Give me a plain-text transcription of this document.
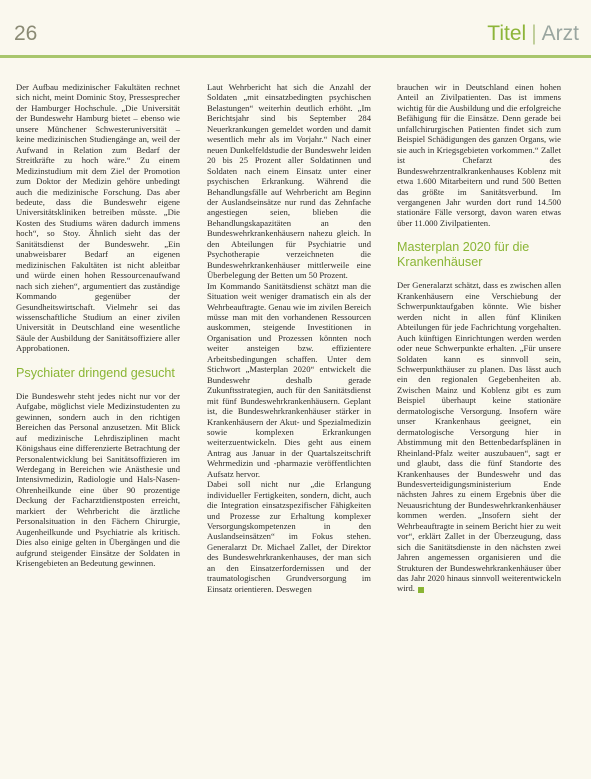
26	Titel | Arzt

Der Aufbau medizinischer Fakultäten rechnet sich nicht, meint Dominic Stoy, Pressesprecher der Hamburger Hochschule. „Die Universität der Bundeswehr Hamburg bietet – ebenso wie unsere Münchener Schwesteruniversität – keine medizinischen Studiengänge an, weil der Aufwand in Relation zum Bedarf der Streitkräfte zu hoch wäre.“ Zu einem Medizinstudium mit dem Ziel der Promotion zum Doktor der Medizin gehöre unbedingt auch die medizinische Forschung. Das aber bedeute, dass die Bundeswehr eigene Universitätskliniken betreiben müsste. „Die Kosten des Studiums wären dadurch immens hoch“, so Stoy. Ähnlich sieht das der Sanitätsdienst der Bundeswehr. „Ein unabweisbarer Bedarf an eigenen medizinischen Fakultäten ist nicht ableitbar und würde einen hohen Ressourcenaufwand nach sich ziehen“, argumentiert das zuständige Kommando gegenüber der Gesundheitswirtschaft. Vielmehr sei das wissenschaftliche Studium an einer zivilen Universität in Deutschland eine wesentliche Säule der Ausbildung der Sanitätsoffiziere aller Approbationen.

Psychiater dringend gesucht

Die Bundeswehr steht jedes nicht nur vor der Aufgabe, möglichst viele Medizinstudenten zu gewinnen, sondern auch in den richtigen Bereichen das Personal anzusetzen. Mit Blick auf medizinische Lehrdisziplinen macht Königshaus eine differenzierte Betrachtung der Personalentwicklung bei Sanitätsoffizieren im Werdegang in Bereichen wie Anästhesie und Intensivmedizin, Radiologie und Hals-Nasen-Ohrenheilkunde eine über 90 prozentige Deckung der Facharztdienstposten erreicht, markiert der Wehrbericht die ärztliche Personalsituation in den Fächern Chirurgie, Augenheilkunde und Psychiatrie als kritisch. Dies also einige gelten in Übergängen und die aufgrund steigender Einsätze der Soldaten in Krisengebieten an Bedeutung gewinnen.

Laut Wehrbericht hat sich die Anzahl der Soldaten „mit einsatzbedingten psychischen Belastungen“ weiterhin deutlich erhöht. „Im Berichtsjahr sind bis September 284 Neuerkrankungen gemeldet worden und damit wesentlich mehr als im Vorjahr.“ Nach einer neuen Dunkelfeldstudie der Bundeswehr leiden 20 bis 25 Prozent aller Soldatinnen und Soldaten nach einem Einsatz unter einer psychischen Erkrankung. Während die Behandlungsfälle auf Wehrbericht am Beginn der Auslandseinsätze nur rund das Zehnfache angestiegen seien, blieben die Behandlungskapazitäten an den Bundeswehrkrankenhäusern nahezu gleich. In den Abteilungen für Psychiatrie und Psychotherapie verzeichneten die Bundeswehrkrankenhäuser mittlerweile eine Überbelegung der Betten um 50 Prozent.

Im Kommando Sanitätsdienst schätzt man die Situation weit weniger dramatisch ein als der Wehrbeauftragte. Genau wie im zivilen Bereich müsse man mit den vorhandenen Ressourcen auskommen, steigende Investitionen in Organisation und Prozessen könnten noch weiter ansteigen bzw. effizientere Arbeitsbedingungen schaffen. Unter dem Stichwort „Masterplan 2020“ entwickelt die Bundeswehr deshalb gerade Zukunftsstrategien, auch für den Sanitätsdienst mit fünf Bundeswehrkrankenhäusern. Geplant ist, die Bundeswehrkrankenhäuser stärker in Krankenhäusern der Akut- und Spezialmedizin sowie komplexen Erkrankungen weiterzuentwickeln. Dies geht aus einem Antrag aus Januar in der Quartalszeitschrift Wehrmedizin und -pharmazie veröffentlichten Aufsatz hervor.

Dabei soll nicht nur „die Erlangung individueller Fertigkeiten, sondern, dicht, auch die Integration einsatzspezifischer Fähigkeiten und Prozesse zur Erhaltung komplexer Versorgungskompetenzen in den Auslandseinsätzen“ im Fokus stehen. Generalarzt Dr. Michael Zallet, der Direktor des Bundeswehrkrankenhauses, der man sich an den Einsatzerfordernissen und der traumatologischen Grundversorgung im Einsatz orientieren. Deswegen

brauchen wir in Deutschland einen hohen Anteil an Zivilpatienten. Das ist immens wichtig für die Ausbildung und die erfolgreiche Befähigung für die Einsätze. Denn gerade bei unfallchirurgischen Patienten findet sich zum Beispiel Schädigungen des ganzen Organs, wie sie auch in Kriegsgebieten vorkommen.“ Zallet ist Chefarzt des Bundeswehrzentralkrankenhauses Koblenz mit etwa 1.600 Mitarbeitern und rund 500 Betten das größte im Sanitätsverbund. Im vergangenen Jahr wurden dort rund 14.500 stationäre Fälle versorgt, davon waren etwas über 11.000 Zivilpatienten.

Masterplan 2020 für die Krankenhäuser

Der Generalarzt schätzt, dass es zwischen allen Krankenhäusern eine Verschiebung der Schwerpunktaufgaben könnte. Wie bisher werden nicht in allen fünf Kliniken Abteilungen für jede Fachrichtung vorgehalten. Auch künftigen Einrichtungen werden werden oder neue Schwerpunkte erhalten. „Für unsere Soldaten kann es sinnvoll sein, Schwerpunkthäuser zu planen. Das lässt auch ein den regionalen Gegebenheiten ab. Zwischen Mainz und Koblenz gibt es zum Beispiel überhaupt keine stationäre dermatologische Versorgung. Insofern wäre unser Krankenhaus geeignet, ein dermatologische Versorgung hier in Abstimmung mit den Bettenbedarfsplänen in Rheinland-Pfalz weiter auszubauen“, sagt er und glaubt, dass die fünf Standorte des Krankenhauses der Bundeswehr und das Bundesverteidigungsministerium Ende nächsten Jahres zu einem Ergebnis über die Neuausrichtung der Bundeswehrkrankenhäuser kommen werden. „Insofern sieht der Wehrbeauftragte in seinem Bericht hier zu weit vor“, erklärt Zallet in der Überzeugung, dass sich die Sanitätsdienste in den nächsten zwei Jahren angemessen organisieren und die Strukturen der Bundeswehrkrankenhäuser über das Jahr 2020 hinaus sinnvoll weiterentwickeln wird.
